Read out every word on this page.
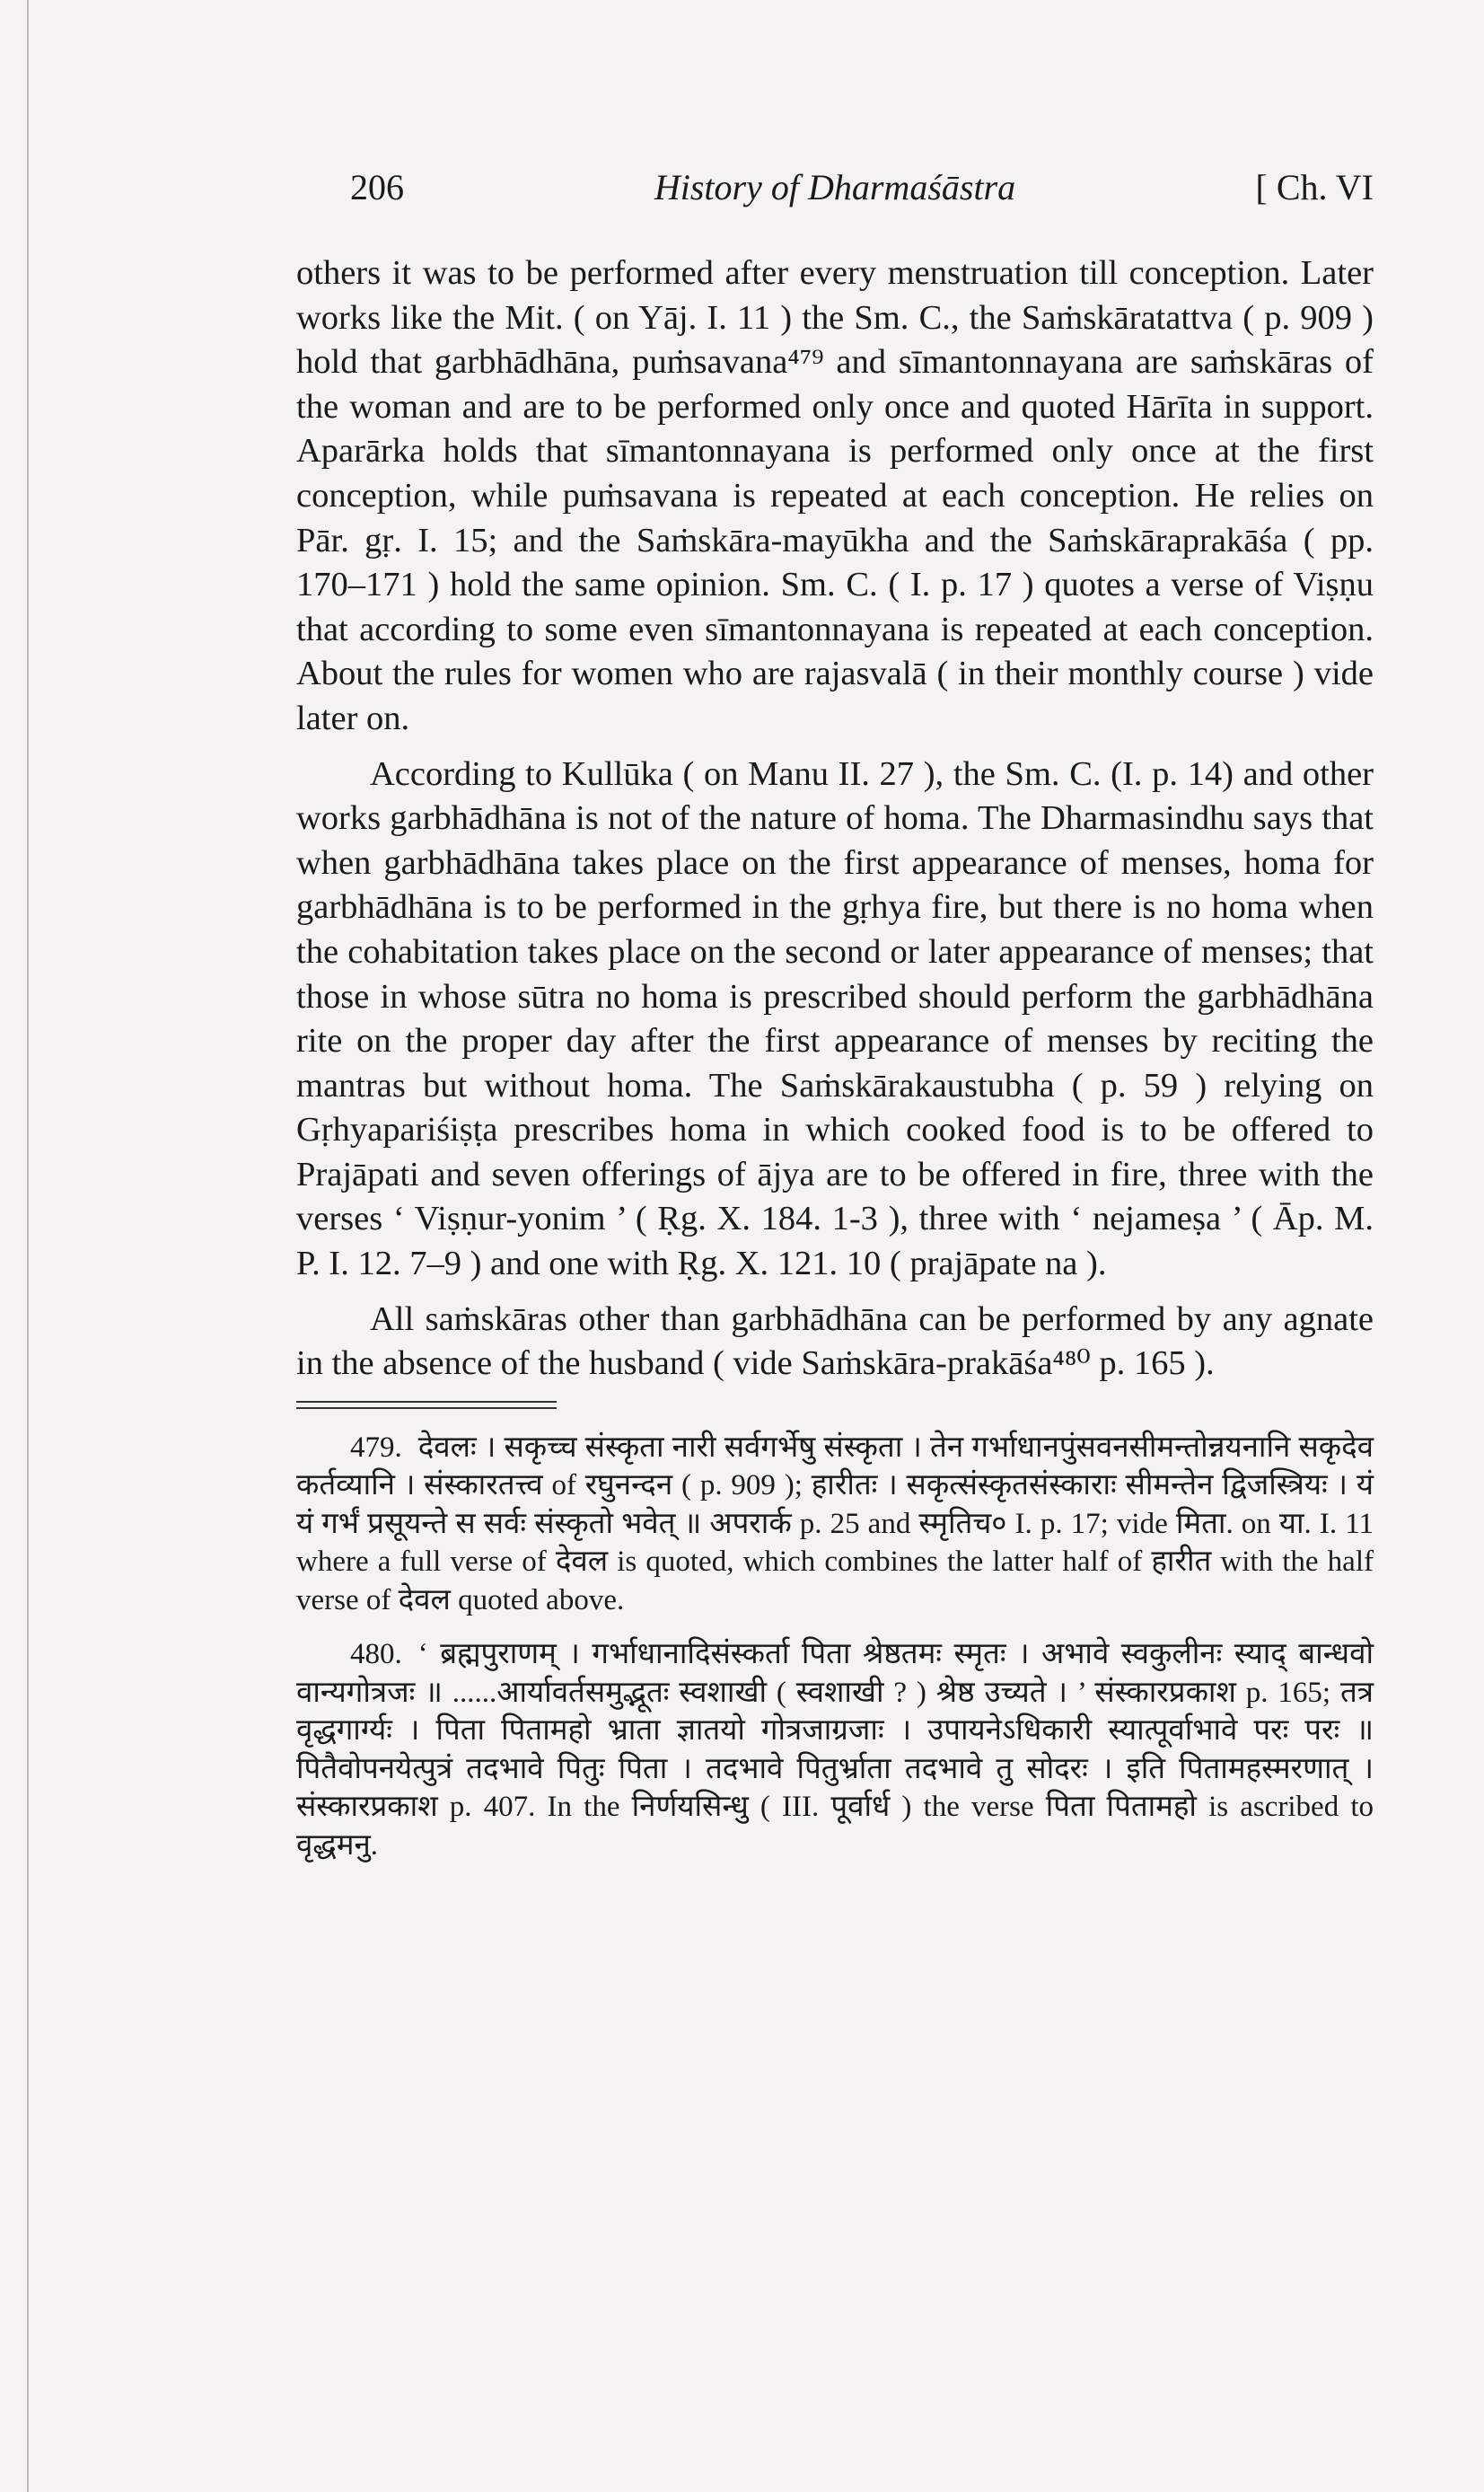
206	History of Dharmaśāstra	[ Ch. VI

others it was to be performed after every menstruation till conception. Later works like the Mit. ( on Yāj. I. 11 ) the Sm. C., the Saṁskāratattva ( p. 909 ) hold that garbhādhāna, puṁsavana⁴⁷⁹ and sīmantonnayana are saṁskāras of the woman and are to be performed only once and quoted Hārīta in support. Aparārka holds that sīmantonnayana is performed only once at the first conception, while puṁsavana is repeated at each conception. He relies on Pār. gṛ. I. 15; and the Saṁskāra-mayūkha and the Saṁskāraprakāśa ( pp. 170–171 ) hold the same opinion. Sm. C. ( I. p. 17 ) quotes a verse of Viṣṇu that according to some even sīmantonnayana is repeated at each conception. About the rules for women who are rajasvalā ( in their monthly course ) vide later on.

According to Kullūka ( on Manu II. 27 ), the Sm. C. (I. p. 14) and other works garbhādhāna is not of the nature of homa. The Dharmasindhu says that when garbhādhāna takes place on the first appearance of menses, homa for garbhādhāna is to be performed in the gṛhya fire, but there is no homa when the cohabitation takes place on the second or later appearance of menses; that those in whose sūtra no homa is prescribed should perform the garbhādhāna rite on the proper day after the first appearance of menses by reciting the mantras but without homa. The Saṁskārakaustubha ( p. 59 ) relying on Gṛhyapariśiṣṭa prescribes homa in which cooked food is to be offered to Prajāpati and seven offerings of ājya are to be offered in fire, three with the verses ‘ Viṣṇur-yonim ’ ( Ṛg. X. 184. 1-3 ), three with ‘ nejameṣa ’ ( Āp. M. P. I. 12. 7–9 ) and one with Ṛg. X. 121. 10 ( prajāpate na ).

All saṁskāras other than garbhādhāna can be performed by any agnate in the absence of the husband ( vide Saṁskāra-prakāśa⁴⁸⁰ p. 165 ).

479. देवलः । सकृच्च संस्कृता नारी सर्वगर्भेषु संस्कृता । तेन गर्भाधानपुंसवनसीमन्तोन्नयनानि सकृदेव कर्तव्यानि । संस्कारतत्त्व of रघुनन्दन ( p. 909 ); हारीतः । सकृत्संस्कृतसंस्काराः सीमन्तेन द्विजस्त्रियः । यं यं गर्भं प्रसूयन्ते स सर्वः संस्कृतो भवेत् ॥ अपरार्क p. 25 and स्मृतिच० I. p. 17; vide मिता. on या. I. 11 where a full verse of देवल is quoted, which combines the latter half of हारीत with the half verse of देवल quoted above.

480. ‘ ब्रह्मपुराणम् । गर्भाधानादिसंस्कर्ता पिता श्रेष्ठतमः स्मृतः । अभावे स्वकुलीनः स्याद् बान्धवो वान्यगोत्रजः ॥ ......आर्यावर्तसमुद्भूतः स्वशाखी ( स्वशाखी ? ) श्रेष्ठ उच्यते । ’ संस्कारप्रकाश p. 165; तत्र वृद्धगार्ग्यः । पिता पितामहो भ्राता ज्ञातयो गोत्रजाग्रजाः । उपायनेऽधिकारी स्यात्पूर्वाभावे परः परः ॥ पितैवोपनयेत्पुत्रं तदभावे पितुः पिता । तदभावे पितुर्भ्राता तदभावे तु सोदरः । इति पितामहस्मरणात् । संस्कारप्रकाश p. 407. In the निर्णयसिन्धु ( III. पूर्वार्ध ) the verse पिता पितामहो is ascribed to वृद्धमनु.
